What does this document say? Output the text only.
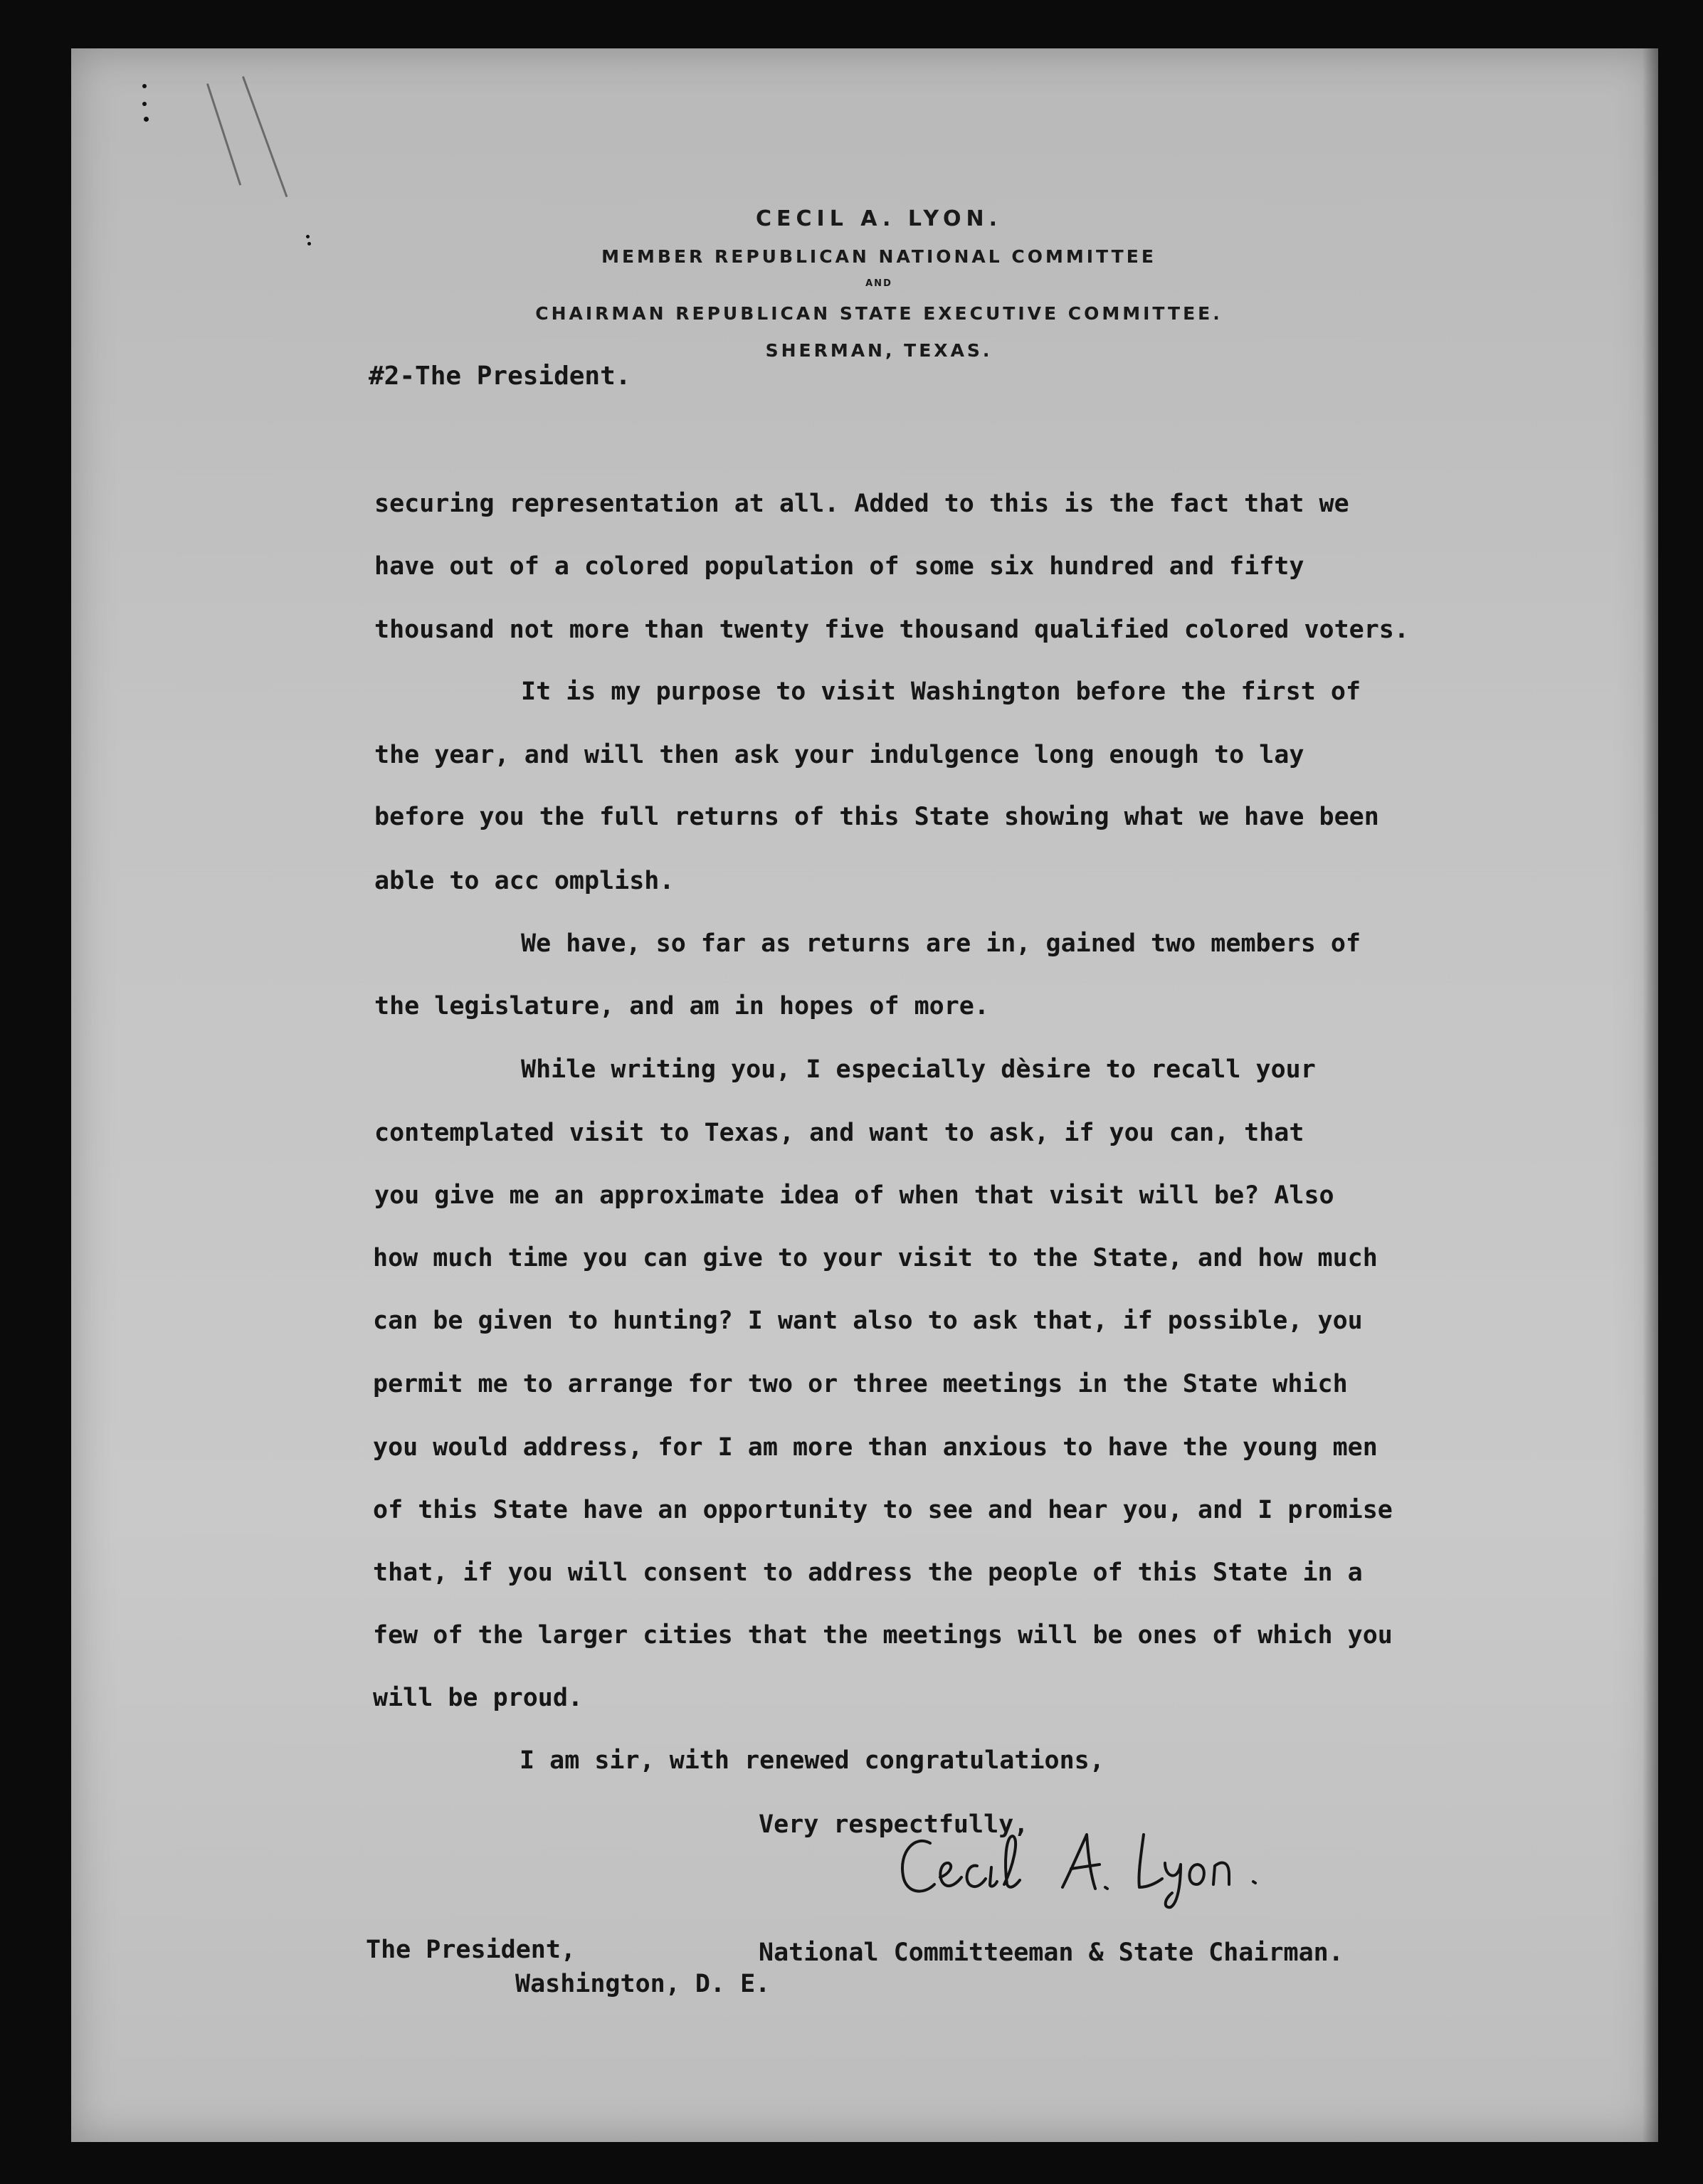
CECIL A. LYON.
MEMBER REPUBLICAN NATIONAL COMMITTEE
AND
CHAIRMAN REPUBLICAN STATE EXECUTIVE COMMITTEE.
SHERMAN, TEXAS.
#2-The President.
securing representation at all. Added to this is the fact that we
have out of a colored population of some six hundred and fifty
thousand not more than twenty five thousand qualified colored voters.
It is my purpose to visit Washington before the first of
the year, and will then ask your indulgence long enough to lay
before you the full returns of this State showing what we have been
able to acc omplish.
We have, so far as returns are in, gained two members of
the legislature, and am in hopes of more.
While writing you, I especially dèsire to recall your
contemplated visit to Texas, and want to ask, if you can, that
you give me an approximate idea of when that visit will be? Also
how much time you can give to your visit to the State, and how much
can be given to hunting? I want also to ask that, if possible, you
permit me to arrange for two or three meetings in the State which
you would address, for I am more than anxious to have the young men
of this State have an opportunity to see and hear you, and I promise
that, if you will consent to address the people of this State in a
few of the larger cities that the meetings will be ones of which you
will be proud.
I am sir, with renewed congratulations,
Very respectfully,
The President,
Washington, D. E.
National Committeeman & State Chairman.
